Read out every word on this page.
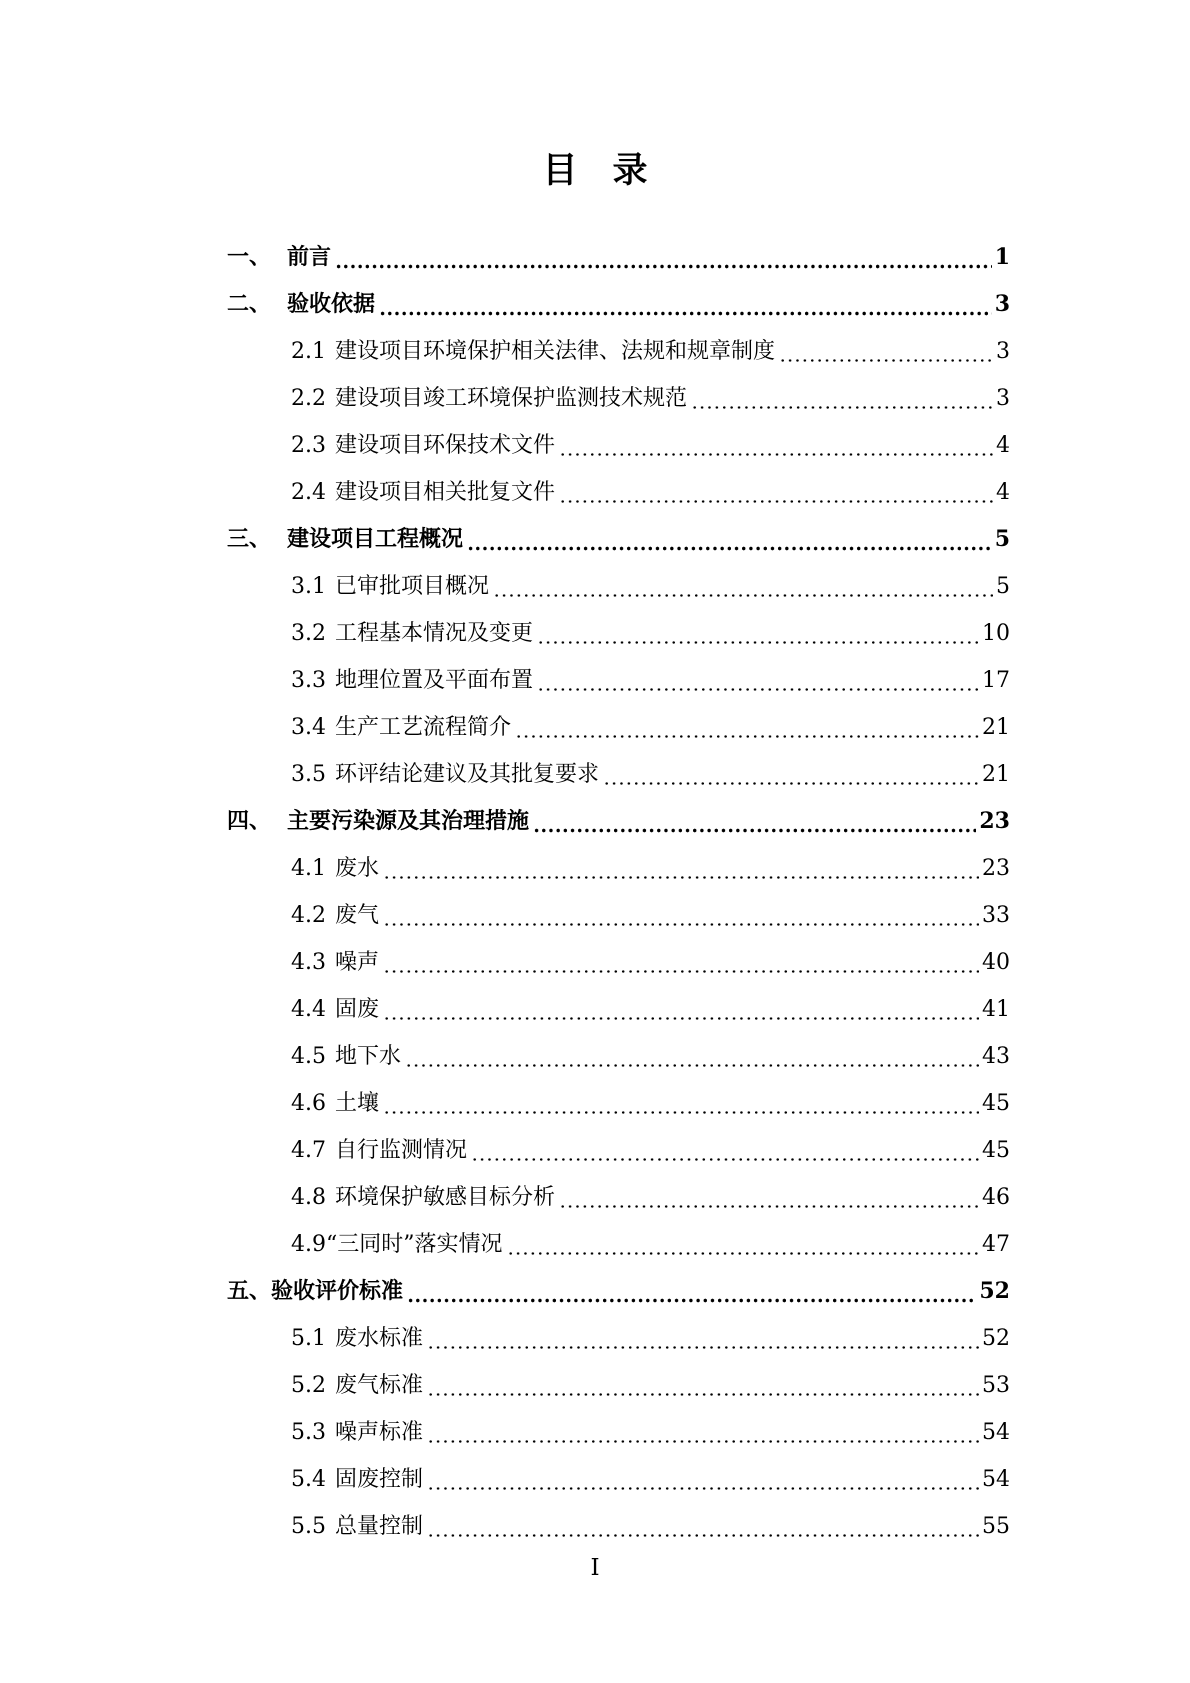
目　录
一、 前言	1
二、 验收依据	3
2.1 建设项目环境保护相关法律、法规和规章制度	3
2.2 建设项目竣工环境保护监测技术规范	3
2.3 建设项目环保技术文件	4
2.4 建设项目相关批复文件	4
三、 建设项目工程概况	5
3.1 已审批项目概况	5
3.2 工程基本情况及变更	10
3.3 地理位置及平面布置	17
3.4 生产工艺流程简介	21
3.5 环评结论建议及其批复要求	21
四、 主要污染源及其治理措施	23
4.1 废水	23
4.2 废气	33
4.3 噪声	40
4.4 固废	41
4.5 地下水	43
4.6 土壤	45
4.7 自行监测情况	45
4.8 环境保护敏感目标分析	46
4.9 “三同时”落实情况	47
五、 验收评价标准	52
5.1 废水标准	52
5.2 废气标准	53
5.3 噪声标准	54
5.4 固废控制	54
5.5 总量控制	55
I
